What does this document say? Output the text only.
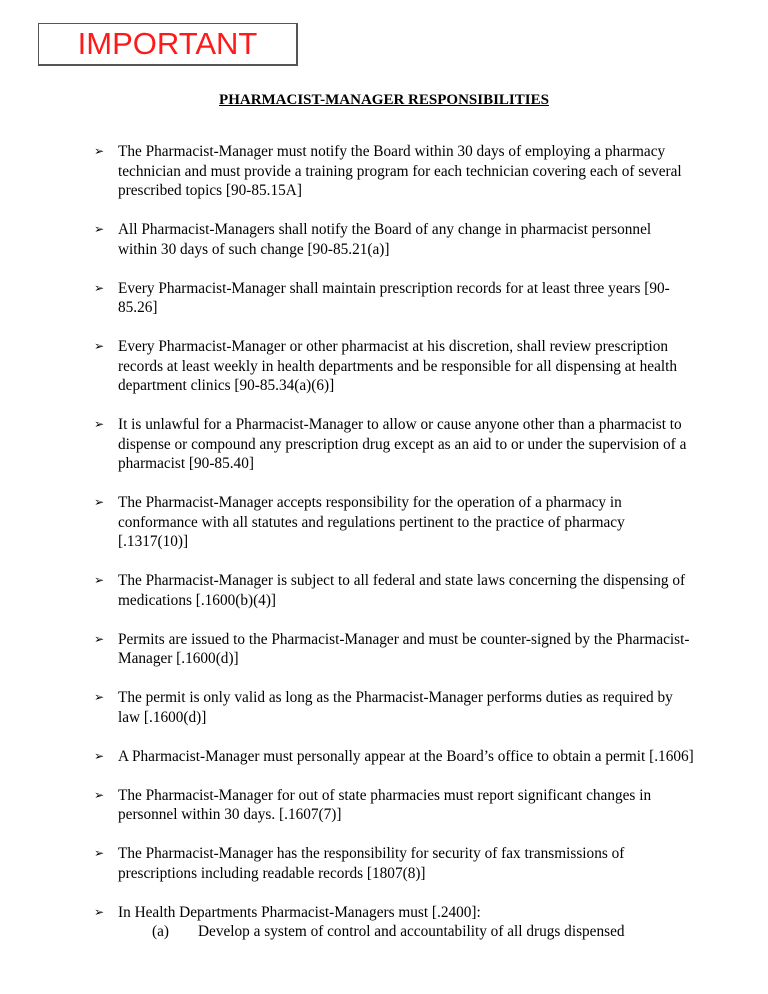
IMPORTANT
PHARMACIST-MANAGER RESPONSIBILITIES
➢ The Pharmacist-Manager must notify the Board within 30 days of employing a pharmacy technician and must provide a training program for each technician covering each of several prescribed topics [90-85.15A]
➢ All Pharmacist-Managers shall notify the Board of any change in pharmacist personnel within 30 days of such change [90-85.21(a)]
➢ Every Pharmacist-Manager shall maintain prescription records for at least three years [90-85.26]
➢ Every Pharmacist-Manager or other pharmacist at his discretion, shall review prescription records at least weekly in health departments and be responsible for all dispensing at health department clinics [90-85.34(a)(6)]
➢ It is unlawful for a Pharmacist-Manager to allow or cause anyone other than a pharmacist to dispense or compound any prescription drug except as an aid to or under the supervision of a pharmacist [90-85.40]
➢ The Pharmacist-Manager accepts responsibility for the operation of a pharmacy in conformance with all statutes and regulations pertinent to the practice of pharmacy [.1317(10)]
➢ The Pharmacist-Manager is subject to all federal and state laws concerning the dispensing of medications [.1600(b)(4)]
➢ Permits are issued to the Pharmacist-Manager and must be counter-signed by the Pharmacist-Manager [.1600(d)]
➢ The permit is only valid as long as the Pharmacist-Manager performs duties as required by law [.1600(d)]
➢ A Pharmacist-Manager must personally appear at the Board’s office to obtain a permit [.1606]
➢ The Pharmacist-Manager for out of state pharmacies must report significant changes in personnel within 30 days. [.1607(7)]
➢ The Pharmacist-Manager has the responsibility for security of fax transmissions of prescriptions including readable records [1807(8)]
➢ In Health Departments Pharmacist-Managers must [.2400]:
(a)	Develop a system of control and accountability of all drugs dispensed
